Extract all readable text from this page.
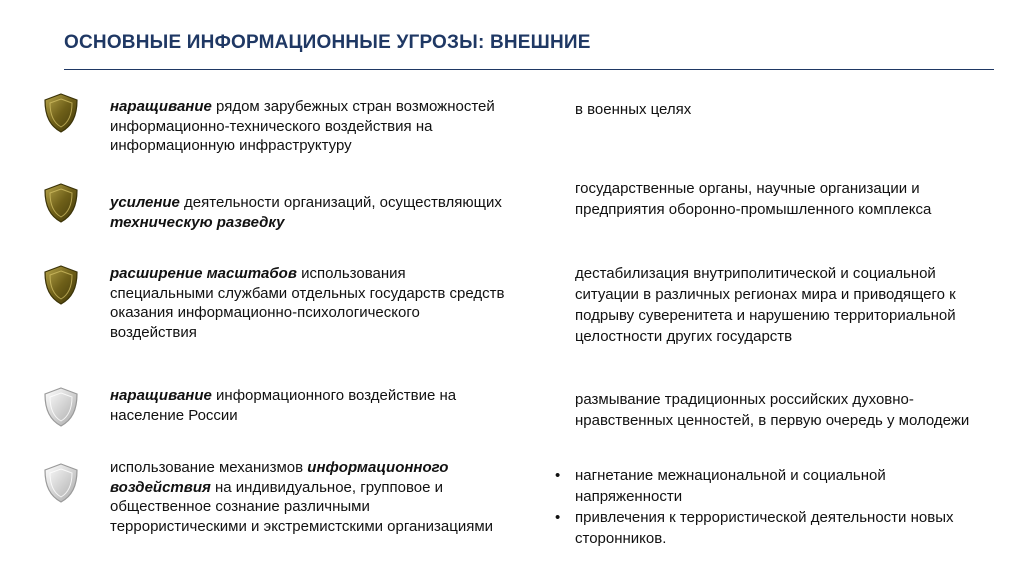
ОСНОВНЫЕ ИНФОРМАЦИОННЫЕ УГРОЗЫ: ВНЕШНИЕ
наращивание рядом зарубежных стран возможностей информационно-технического воздействия на информационную инфраструктуру
в военных целях
усиление деятельности организаций, осуществляющих техническую разведку
государственные органы, научные организации и предприятия оборонно-промышленного комплекса
расширение масштабов использования специальными службами отдельных государств средств оказания информационно-психологического воздействия
дестабилизация внутриполитической и социальной ситуации в различных регионах мира и приводящего к подрыву суверенитета и нарушению территориальной целостности других государств
наращивание информационного воздействие на население России
размывание традиционных российских духовно-нравственных ценностей, в первую очередь у молодежи
использование механизмов информационного воздействия на индивидуальное, групповое и общественное сознание различными террористическими и экстремистскими организациями
• нагнетание межнациональной и социальной напряженности
• привлечения к террористической деятельности новых сторонников.
